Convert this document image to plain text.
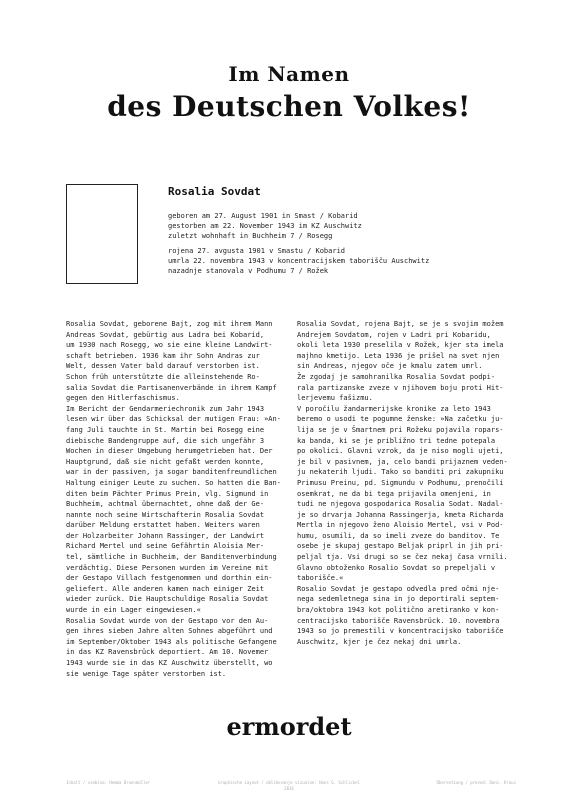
Im Namen
des Deutschen Volkes!
Rosalia Sovdat
geboren am 27. August 1901 in Smast / Kobarid
gestorben am 22. November 1943 im KZ Auschwitz
zuletzt wohnhaft in Buchheim 7 / Rosegg
rojena 27. avgusta 1901 v Smastu / Kobarid
umrla 22. novembra 1943 v koncentracijskem taborišču Auschwitz
nazadnje stanovala v Podhumu 7 / Rožek
Rosalia Sovdat, geborene Bajt, zog mit ihrem Mann
Andreas Sovdat, gebürtig aus Ladra bei Kobarid,
um 1930 nach Rosegg, wo sie eine kleine Landwirt-
schaft betrieben. 1936 kam ihr Sohn Andras zur
Welt, dessen Vater bald darauf verstorben ist.
Schon früh unterstützte die alleinstehende Ro-
salia Sovdat die Partisanenverbände in ihrem Kampf
gegen den Hitlerfaschismus.
Im Bericht der Gendarmeriechronik zum Jahr 1943
lesen wir über das Schicksal der mutigen Frau: »An-
fang Juli tauchte in St. Martin bei Rosegg eine
diebische Bandengruppe auf, die sich ungefähr 3
Wochen in dieser Umgebung herumgetrieben hat. Der
Hauptgrund, daß sie nicht gefaßt werden konnte,
war in der passiven, ja sogar banditenfreundlichen
Haltung einiger Leute zu suchen. So hatten die Ban-
diten beim Pächter Primus Prein, vlg. Sigmund in
Buchheim, achtmal übernachtet, ohne daß der Ge-
nannte noch seine Wirtschafterin Rosalia Sovdat
darüber Meldung erstattet haben. Weiters waren
der Holzarbeiter Johann Rassinger, der Landwirt
Richard Mertel und seine Gefährtin Aloisia Mer-
tel, sämtliche in Buchheim, der Banditenverbindung
verdächtig. Diese Personen wurden im Vereine mit
der Gestapo Villach festgenommen und dorthin ein-
geliefert. Alle anderen kamen nach einiger Zeit
wieder zurück. Die Hauptschuldige Rosalia Sovdat
wurde in ein Lager eingewiesen.«
Rosalia Sovdat wurde von der Gestapo vor den Au-
gen ihres sieben Jahre alten Sohnes abgeführt und
im September/Oktober 1943 als politische Gefangene
in das KZ Ravensbrück deportiert. Am 10. Novemer
1943 wurde sie in das KZ Auschwitz überstellt, wo
sie wenige Tage später verstorben ist.
Rosalia Sovdat, rojena Bajt, se je s svojim možem
Andrejem Sovdatom, rojen v Ladri pri Kobaridu,
okoli leta 1930 preselila v Rožek, kjer sta imela
majhno kmetijo. Leta 1936 je prišel na svet njen
sin Andreas, njegov oče je kmalu zatem umrl.
Že zgodaj je samohranilka Rosalia Sovdat podpi-
rala partizanske zveze v njihovem boju proti Hit-
lerjevemu fašizmu.
V poročilu žandarmerijske kronike za leto 1943
beremo o usodi te pogumne ženske: »Na začetku ju-
lija se je v Šmartnem pri Rožeku pojavila ropars-
ka banda, ki se je približno tri tedne potepala
po okolici. Glavni vzrok, da je niso mogli ujeti,
je bil v pasivnem, ja, celo bandi prijaznem veden-
ju nekaterih ljudi. Tako so banditi pri zakupniku
Primusu Preinu, pd. Sigmundu v Podhumu, prenočili
osemkrat, ne da bi tega prijavila omenjeni, in
tudi ne njegova gospodarica Rosalia Sodat. Nadal-
je so drvarja Johanna Rassingerja, kmeta Richarda
Mertla in njegovo ženo Aloisio Mertel, vsi v Pod-
humu, osumili, da so imeli zveze do banditov. Te
osebe je skupaj gestapo Beljak priprl in jih pri-
peljal tja. Vsi drugi so se čez nekaj časa vrnili.
Glavno obtoženko Rosalio Sovdat so prepeljali v
taborišče.«
Rosalio Sovdat je gestapo odvedla pred očmi nje-
nega sedemletnega sina in jo deportirali septem-
bra/oktobra 1943 kot politično aretiranko v kon-
centracijsko taborišče Ravensbrück. 10. novembra
1943 so jo premestili v koncentracijsko taborišče
Auschwitz, kjer je čez nekaj dni umrla.
ermordet
Inhalt / vsebina: Hemma Brunnmüller	Graphische Layout / oblikovanje vizualne: Hans G. Schlickel
2016
Übersetzung / prevod: Dani. Kraus
